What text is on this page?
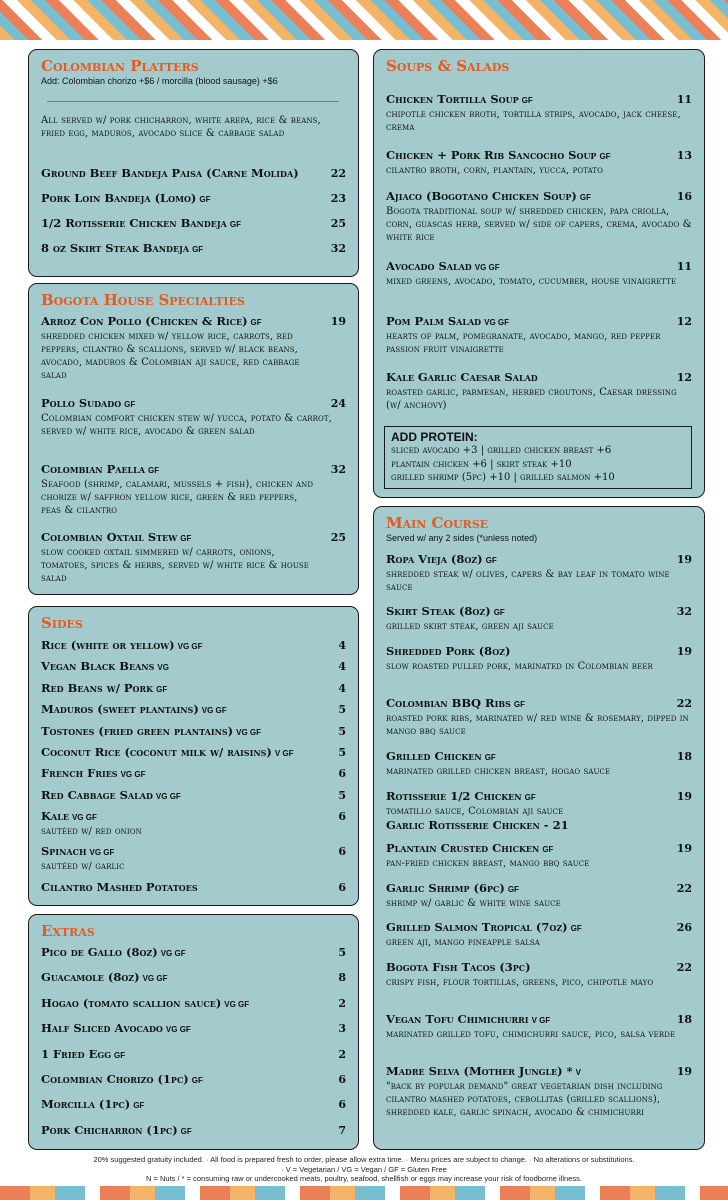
Colombian Platters
Add: Colombian chorizo +$6 / morcilla (blood sausage) +$6
All served w/ pork chicharron, white arepa, rice & beans, fried egg, maduros, avocado slice & cabbage salad
Ground Beef Bandeja Paisa (Carne Molida)	22
Pork Loin Bandeja (Lomo) GF	23
1/2 Rotisserie Chicken Bandeja GF	25
8 oz Skirt Steak Bandeja GF	32
Bogota House Specialties
Arroz Con Pollo (Chicken & Rice) GF	19
shredded chicken mixed w/ yellow rice, carrots, red peppers, cilantro & scallions, served w/ black beans, avocado, maduros & Colombian aji sauce, red cabbage salad
Pollo Sudado GF	24
Colombian comfort chicken stew w/ yucca, potato & carrot, served w/ white rice, avocado & green salad
Colombian Paella GF	32
Seafood (shrimp, calamari, mussels + fish), chicken and chorize w/ saffron yellow rice, green & red peppers, peas & cilantro
Colombian Oxtail Stew GF	25
slow cooked oxtail simmered w/ carrots, onions, tomatoes, spices & herbs, served w/ white rice & house salad
Sides
Rice (white or yellow) VG GF	4
Vegan Black Beans VG	4
Red Beans w/ Pork GF	4
Maduros (sweet plantains) VG GF	5
Tostones (fried green plantains) VG GF	5
Coconut Rice (coconut milk w/ raisins) V GF	5
French Fries VG GF	6
Red Cabbage Salad VG GF	5
Kale VG GF	6
sautéed w/ red onion
Spinach VG GF	6
sautéed w/ garlic
Cilantro Mashed Potatoes	6
Extras
Pico de Gallo (8oz) VG GF	5
Guacamole (8oz) VG GF	8
Hogao (tomato scallion sauce) VG GF	2
Half Sliced Avocado VG GF	3
1 Fried Egg GF	2
Colombian Chorizo (1pc) GF	6
Morcilla (1pc) GF	6
Pork Chicharron (1pc) GF	7
Soups & Salads
Chicken Tortilla Soup GF	11
chipotle chicken broth, tortilla strips, avocado, jack cheese, crema
Chicken + Pork Rib Sancocho Soup GF	13
cilantro broth, corn, plantain, yucca, potato
Ajiaco (Bogotano Chicken Soup) GF	16
Bogota traditional soup w/ shredded chicken, papa criolla, corn, guascas herb, served w/ side of capers, crema, avocado & white rice
Avocado Salad VG GF	11
mixed greens, avocado, tomato, cucumber, house vinaigrette
Pom Palm Salad VG GF	12
hearts of palm, pomegranate, avocado, mango, red pepper passion fruit vinaigrette
Kale Garlic Caesar Salad	12
roasted garlic, parmesan, herbed croutons, Caesar dressing (w/ anchovy)
ADD PROTEIN:
sliced avocado +3 | grilled chicken breast +6
plantain chicken +6 | skirt steak +10
grilled shrimp (5pc) +10 | grilled salmon +10
Main Course
Served w/ any 2 sides (*unless noted)
Ropa Vieja (8oz) GF	19
shredded steak w/ olives, capers & bay leaf in tomato wine sauce
Skirt Steak (8oz) GF	32
grilled skirt steak, green aji sauce
Shredded Pork (8oz)	19
slow roasted pulled pork, marinated in Colombian beer
Colombian BBQ Ribs GF	22
roasted pork ribs, marinated w/ red wine & rosemary, dipped in mango bbq sauce
Grilled Chicken GF	18
marinated grilled chicken breast, hogao sauce
Rotisserie 1/2 Chicken GF	19
tomatillo sauce, Colombian aji sauce
Garlic Rotisserie Chicken - 21
Plantain Crusted Chicken GF	19
pan-fried chicken breast, mango bbq sauce
Garlic Shrimp (6pc) GF	22
shrimp w/ garlic & white wine sauce
Grilled Salmon Tropical (7oz) GF	26
green aji, mango pineapple salsa
Bogota Fish Tacos (3pc)	22
crispy fish, flour tortillas, greens, pico, chipotle mayo
Vegan Tofu Chimichurri V GF	18
marinated grilled tofu, chimichurri sauce, pico, salsa verde
Madre Selva (Mother Jungle) * V	19
"back by popular demand" great vegetarian dish including cilantro mashed potatoes, cebollitas (grilled scallions), shredded kale, garlic spinach, avocado & chimichurri
20% suggested gratuity included. · All food is prepared fresh to order, please allow extra time. · Menu prices are subject to change. · No alterations or substitutions.
· V = Vegetarian / VG = Vegan / GF = Gluten Free
N = Nuts / * = consuming raw or undercooked meats, poultry, seafood, shellfish or eggs may increase your risk of foodborne illness.
